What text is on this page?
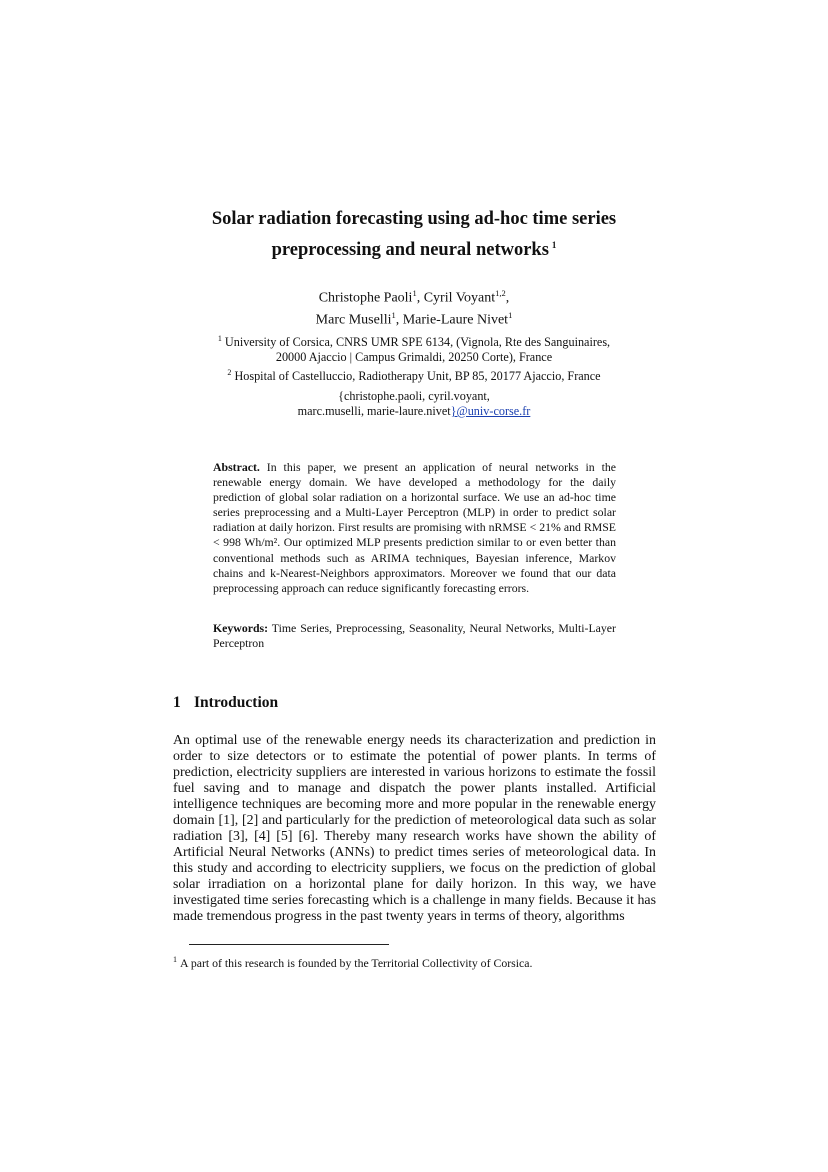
Solar radiation forecasting using ad-hoc time series
preprocessing and neural networks $^1$
Christophe Paoli$^1$, Cyril Voyant$^{1,2}$,
Marc Muselli$^1$, Marie-Laure Nivet$^1$
$^1$ University of Corsica, CNRS UMR SPE 6134, (Vignola, Rte des Sanguinaires,
20000 Ajaccio | Campus Grimaldi, 20250 Corte), France
$^2$ Hospital of Castelluccio, Radiotherapy Unit, BP 85, 20177 Ajaccio, France
{christophe.paoli, cyril.voyant,
marc.muselli, marie-laure.nivet}@univ-corse.fr
Abstract. In this paper, we present an application of neural networks in the renewable energy domain. We have developed a methodology for the daily prediction of global solar radiation on a horizontal surface. We use an ad-hoc time series preprocessing and a Multi-Layer Perceptron (MLP) in order to predict solar radiation at daily horizon. First results are promising with nRMSE < 21% and RMSE < 998 Wh/m². Our optimized MLP presents prediction similar to or even better than conventional methods such as ARIMA techniques, Bayesian inference, Markov chains and k-Nearest-Neighbors approximators. Moreover we found that our data preprocessing approach can reduce significantly forecasting errors.
Keywords: Time Series, Preprocessing, Seasonality, Neural Networks, Multi-Layer Perceptron
1 Introduction
An optimal use of the renewable energy needs its characterization and prediction in order to size detectors or to estimate the potential of power plants. In terms of prediction, electricity suppliers are interested in various horizons to estimate the fossil fuel saving and to manage and dispatch the power plants installed. Artificial intelligence techniques are becoming more and more popular in the renewable energy domain [1], [2] and particularly for the prediction of meteorological data such as solar radiation [3], [4] [5] [6]. Thereby many research works have shown the ability of Artificial Neural Networks (ANNs) to predict times series of meteorological data. In this study and according to electricity suppliers, we focus on the prediction of global solar irradiation on a horizontal plane for daily horizon. In this way, we have investigated time series forecasting which is a challenge in many fields. Because it has made tremendous progress in the past twenty years in terms of theory, algorithms
$^1$ A part of this research is founded by the Territorial Collectivity of Corsica.
